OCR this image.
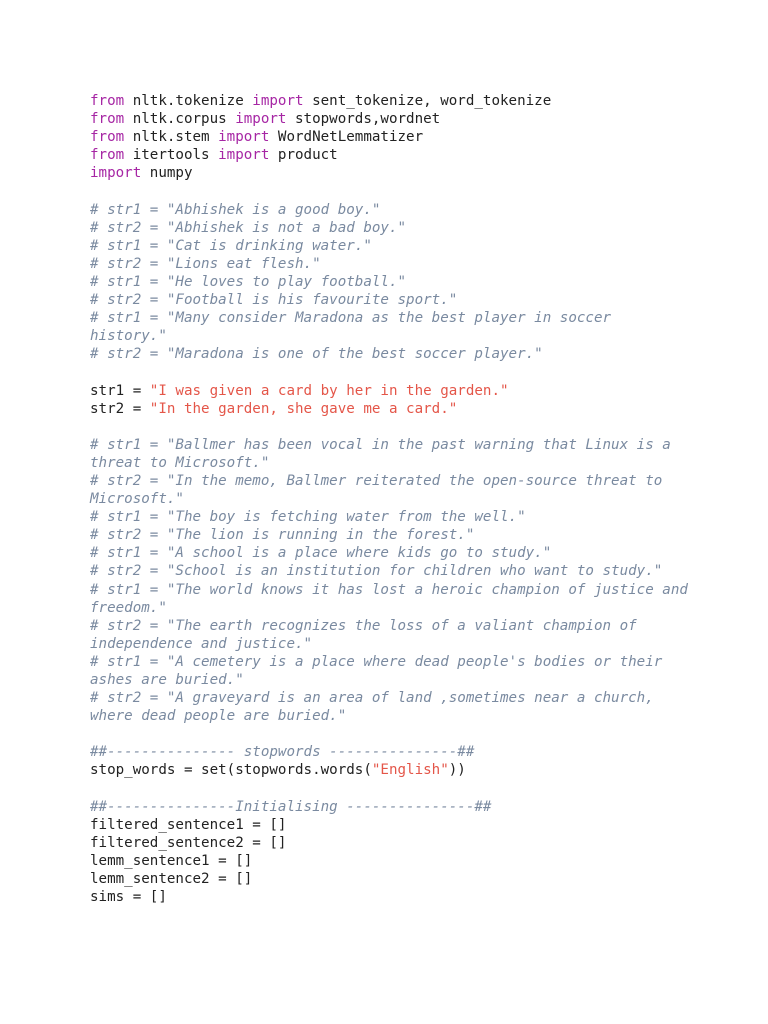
from nltk.tokenize import sent_tokenize, word_tokenize
from nltk.corpus import stopwords,wordnet
from nltk.stem import WordNetLemmatizer
from itertools import product
import numpy
# str1 = "Abhishek is a good boy."
# str2 = "Abhishek is not a bad boy."
# str1 = "Cat is drinking water."
# str2 = "Lions eat flesh."
# str1 = "He loves to play football."
# str2 = "Football is his favourite sport."
# str1 = "Many consider Maradona as the best player in soccer history."
# str2 = "Maradona is one of the best soccer player."
str1 = "I was given a card by her in the garden."
str2 = "In the garden, she gave me a card."
# str1 = "Ballmer has been vocal in the past warning that Linux is a threat to Microsoft."
# str2 = "In the memo, Ballmer reiterated the open-source threat to Microsoft."
# str1 = "The boy is fetching water from the well."
# str2 = "The lion is running in the forest."
# str1 = "A school is a place where kids go to study."
# str2 = "School is an institution for children who want to study."
# str1 = "The world knows it has lost a heroic champion of justice and freedom."
# str2 = "The earth recognizes the loss of a valiant champion of independence and justice."
# str1 = "A cemetery is a place where dead people's bodies or their ashes are buried."
# str2 = "A graveyard is an area of land ,sometimes near a church, where dead people are buried."
##--------------- stopwords ---------------##
stop_words = set(stopwords.words("English"))
##---------------Initialising ---------------##
filtered_sentence1 = []
filtered_sentence2 = []
lemm_sentence1 = []
lemm_sentence2 = []
sims = []
